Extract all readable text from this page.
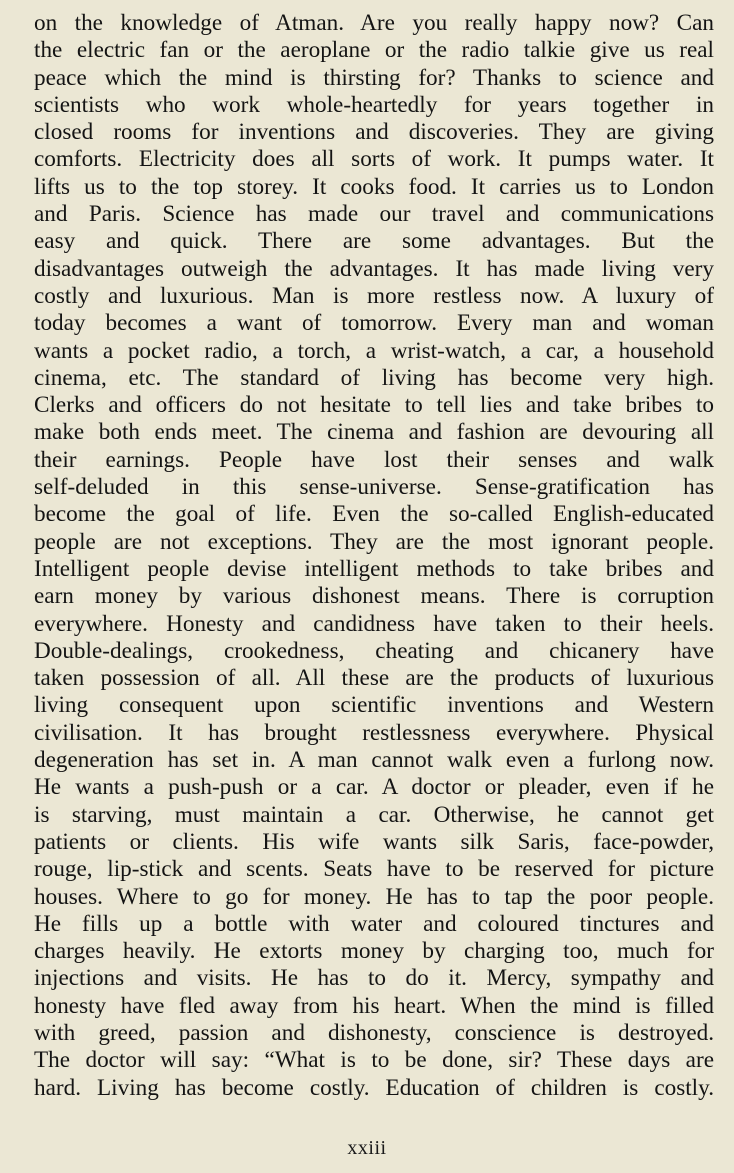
on the knowledge of Atman. Are you really happy now? Can
the electric fan or the aeroplane or the radio talkie give us real
peace which the mind is thirsting for? Thanks to science and
scientists who work whole-heartedly for years together in
closed rooms for inventions and discoveries. They are giving
comforts. Electricity does all sorts of work. It pumps water. It
lifts us to the top storey. It cooks food. It carries us to London
and Paris. Science has made our travel and communications
easy and quick. There are some advantages. But the
disadvantages outweigh the advantages. It has made living very
costly and luxurious. Man is more restless now. A luxury of
today becomes a want of tomorrow. Every man and woman
wants a pocket radio, a torch, a wrist-watch, a car, a household
cinema, etc. The standard of living has become very high.
Clerks and officers do not hesitate to tell lies and take bribes to
make both ends meet. The cinema and fashion are devouring all
their earnings. People have lost their senses and walk
self-deluded in this sense-universe. Sense-gratification has
become the goal of life. Even the so-called English-educated
people are not exceptions. They are the most ignorant people.
Intelligent people devise intelligent methods to take bribes and
earn money by various dishonest means. There is corruption
everywhere. Honesty and candidness have taken to their heels.
Double-dealings, crookedness, cheating and chicanery have
taken possession of all. All these are the products of luxurious
living consequent upon scientific inventions and Western
civilisation. It has brought restlessness everywhere. Physical
degeneration has set in. A man cannot walk even a furlong now.
He wants a push-push or a car. A doctor or pleader, even if he
is starving, must maintain a car. Otherwise, he cannot get
patients or clients. His wife wants silk Saris, face-powder,
rouge, lip-stick and scents. Seats have to be reserved for picture
houses. Where to go for money. He has to tap the poor people.
He fills up a bottle with water and coloured tinctures and
charges heavily. He extorts money by charging too, much for
injections and visits. He has to do it. Mercy, sympathy and
honesty have fled away from his heart. When the mind is filled
with greed, passion and dishonesty, conscience is destroyed.
The doctor will say: “What is to be done, sir? These days are
hard. Living has become costly. Education of children is costly.
xxiii
